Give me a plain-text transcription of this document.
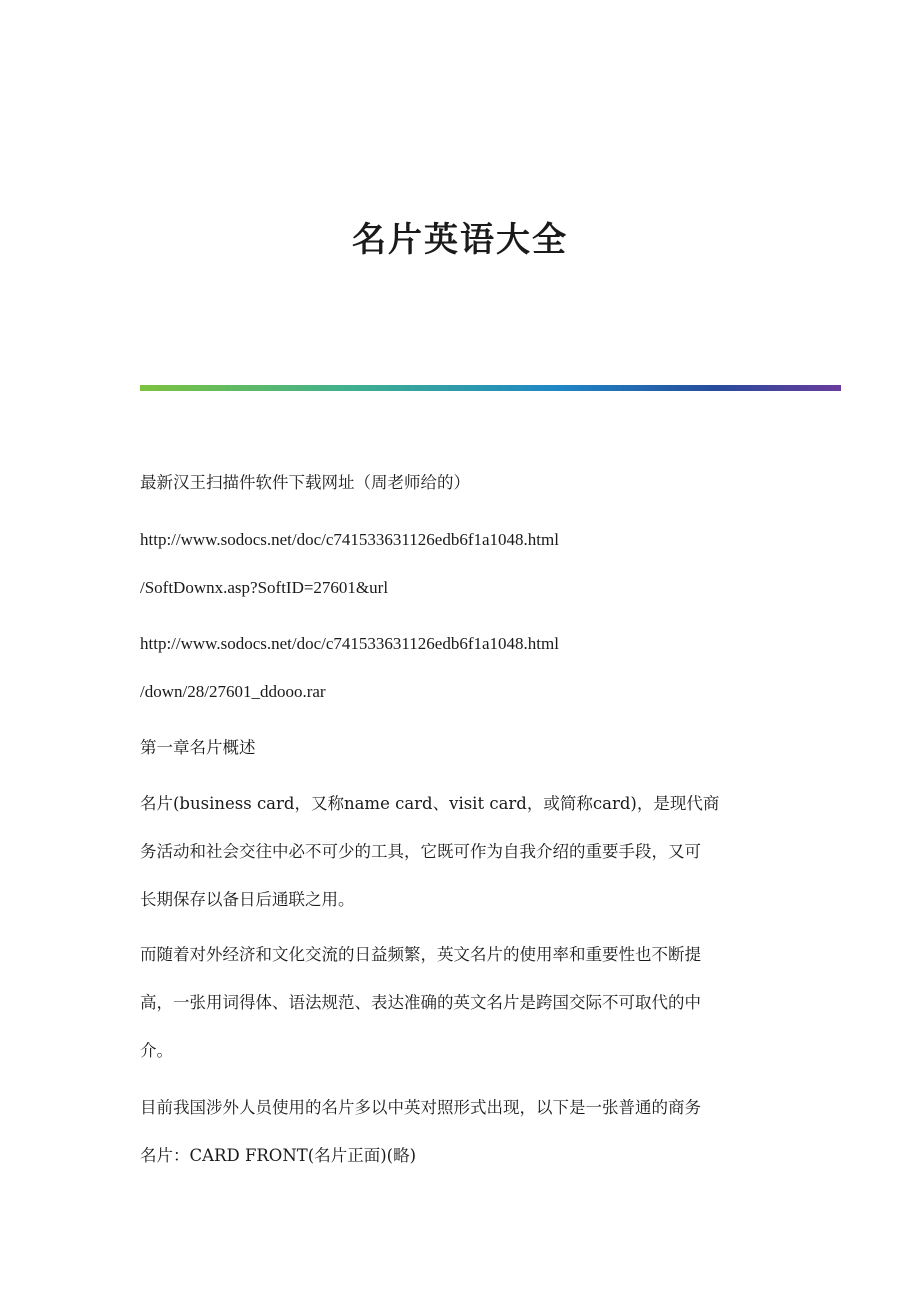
名片英语大全
最新汉王扫描件软件下载网址（周老师给的）
http://www.sodocs.net/doc/c741533631126edb6f1a1048.html
/SoftDownx.asp?SoftID=27601&url
http://www.sodocs.net/doc/c741533631126edb6f1a1048.html
/down/28/27601_ddooo.rar
第一章名片概述
名片(business card，又称name card、visit card，或简称card)，是现代商
务活动和社会交往中必不可少的工具，它既可作为自我介绍的重要手段，又可
长期保存以备日后通联之用。
而随着对外经济和文化交流的日益频繁，英文名片的使用率和重要性也不断提
高，一张用词得体、语法规范、表达准确的英文名片是跨国交际不可取代的中
介。
目前我国涉外人员使用的名片多以中英对照形式出现，以下是一张普通的商务
名片：CARD FRONT(名片正面)(略)
